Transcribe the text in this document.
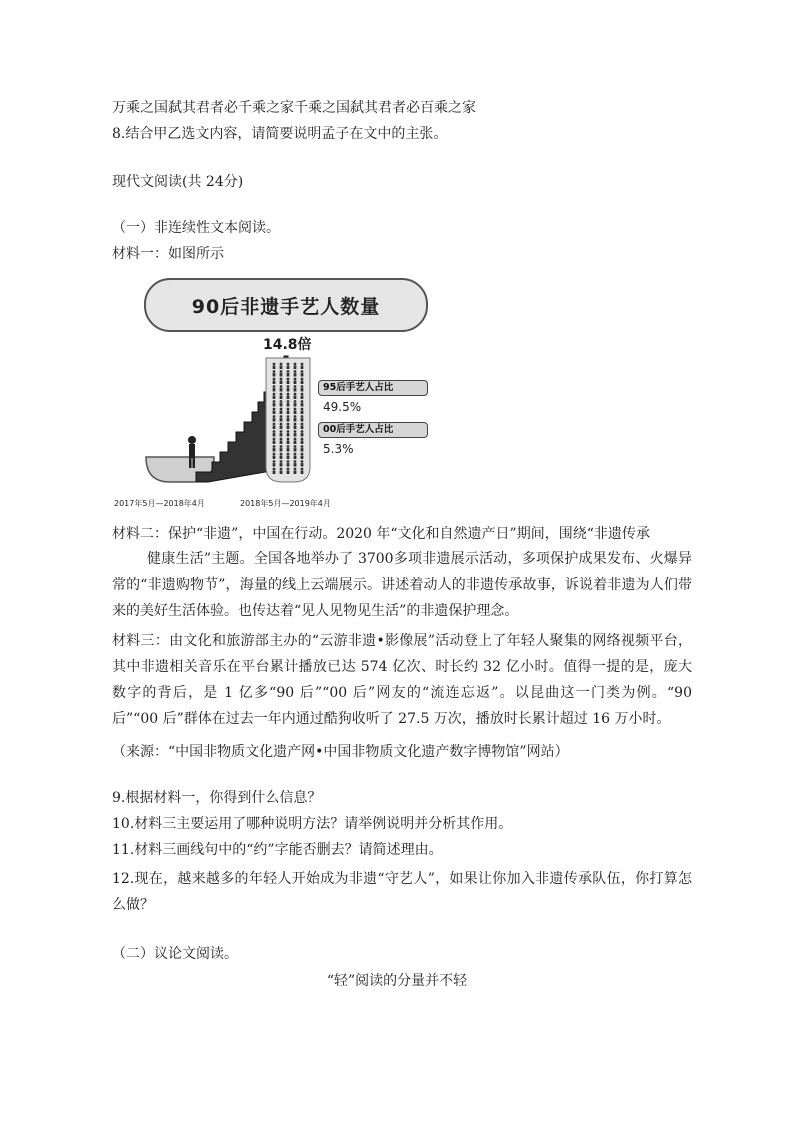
万乘之国弑其君者必千乘之家千乘之国弑其君者必百乘之家
8.结合甲乙选文内容，请简要说明孟子在文中的主张。
现代文阅读(共 24分)
（一）非连续性文本阅读。
材料一：如图所示
90后非遗手艺人数量
14.8倍
95后手艺人占比
49.5%
00后手艺人占比
5.3%
2017年5月—2018年4月	2018年5月—2019年4月
材料二：保护“非遗”，中国在行动。2020 年“文化和自然遗产日”期间，围绕“非遗传承
健康生活”主题。全国各地举办了 3700多项非遗展示活动，多项保护成果发布、火爆异常的“非遗购物节”，海量的线上云端展示。讲述着动人的非遗传承故事，诉说着非遗为人们带来的美好生活体验。也传达着“见人见物见生活”的非遗保护理念。
材料三：由文化和旅游部主办的“云游非遗•影像展”活动登上了年轻人聚集的网络视频平台，其中非遗相关音乐在平台累计播放已达 574 亿次、时长约 32 亿小时。值得一提的是，庞大数字的背后，是 1 亿多“90 后”“00 后”网友的“流连忘返”。以昆曲这一门类为例。“90 后”“00 后”群体在过去一年内通过酷狗收听了 27.5 万次，播放时长累计超过 16 万小时。
（来源：“中国非物质文化遗产网•中国非物质文化遗产数字博物馆”网站）
9.根据材料一，你得到什么信息？
10.材料三主要运用了哪种说明方法？请举例说明并分析其作用。
11.材料三画线句中的“约”字能否删去？请简述理由。
12.现在，越来越多的年轻人开始成为非遗“守艺人”，如果让你加入非遗传承队伍，你打算怎么做？
（二）议论文阅读。
“轻”阅读的分量并不轻
